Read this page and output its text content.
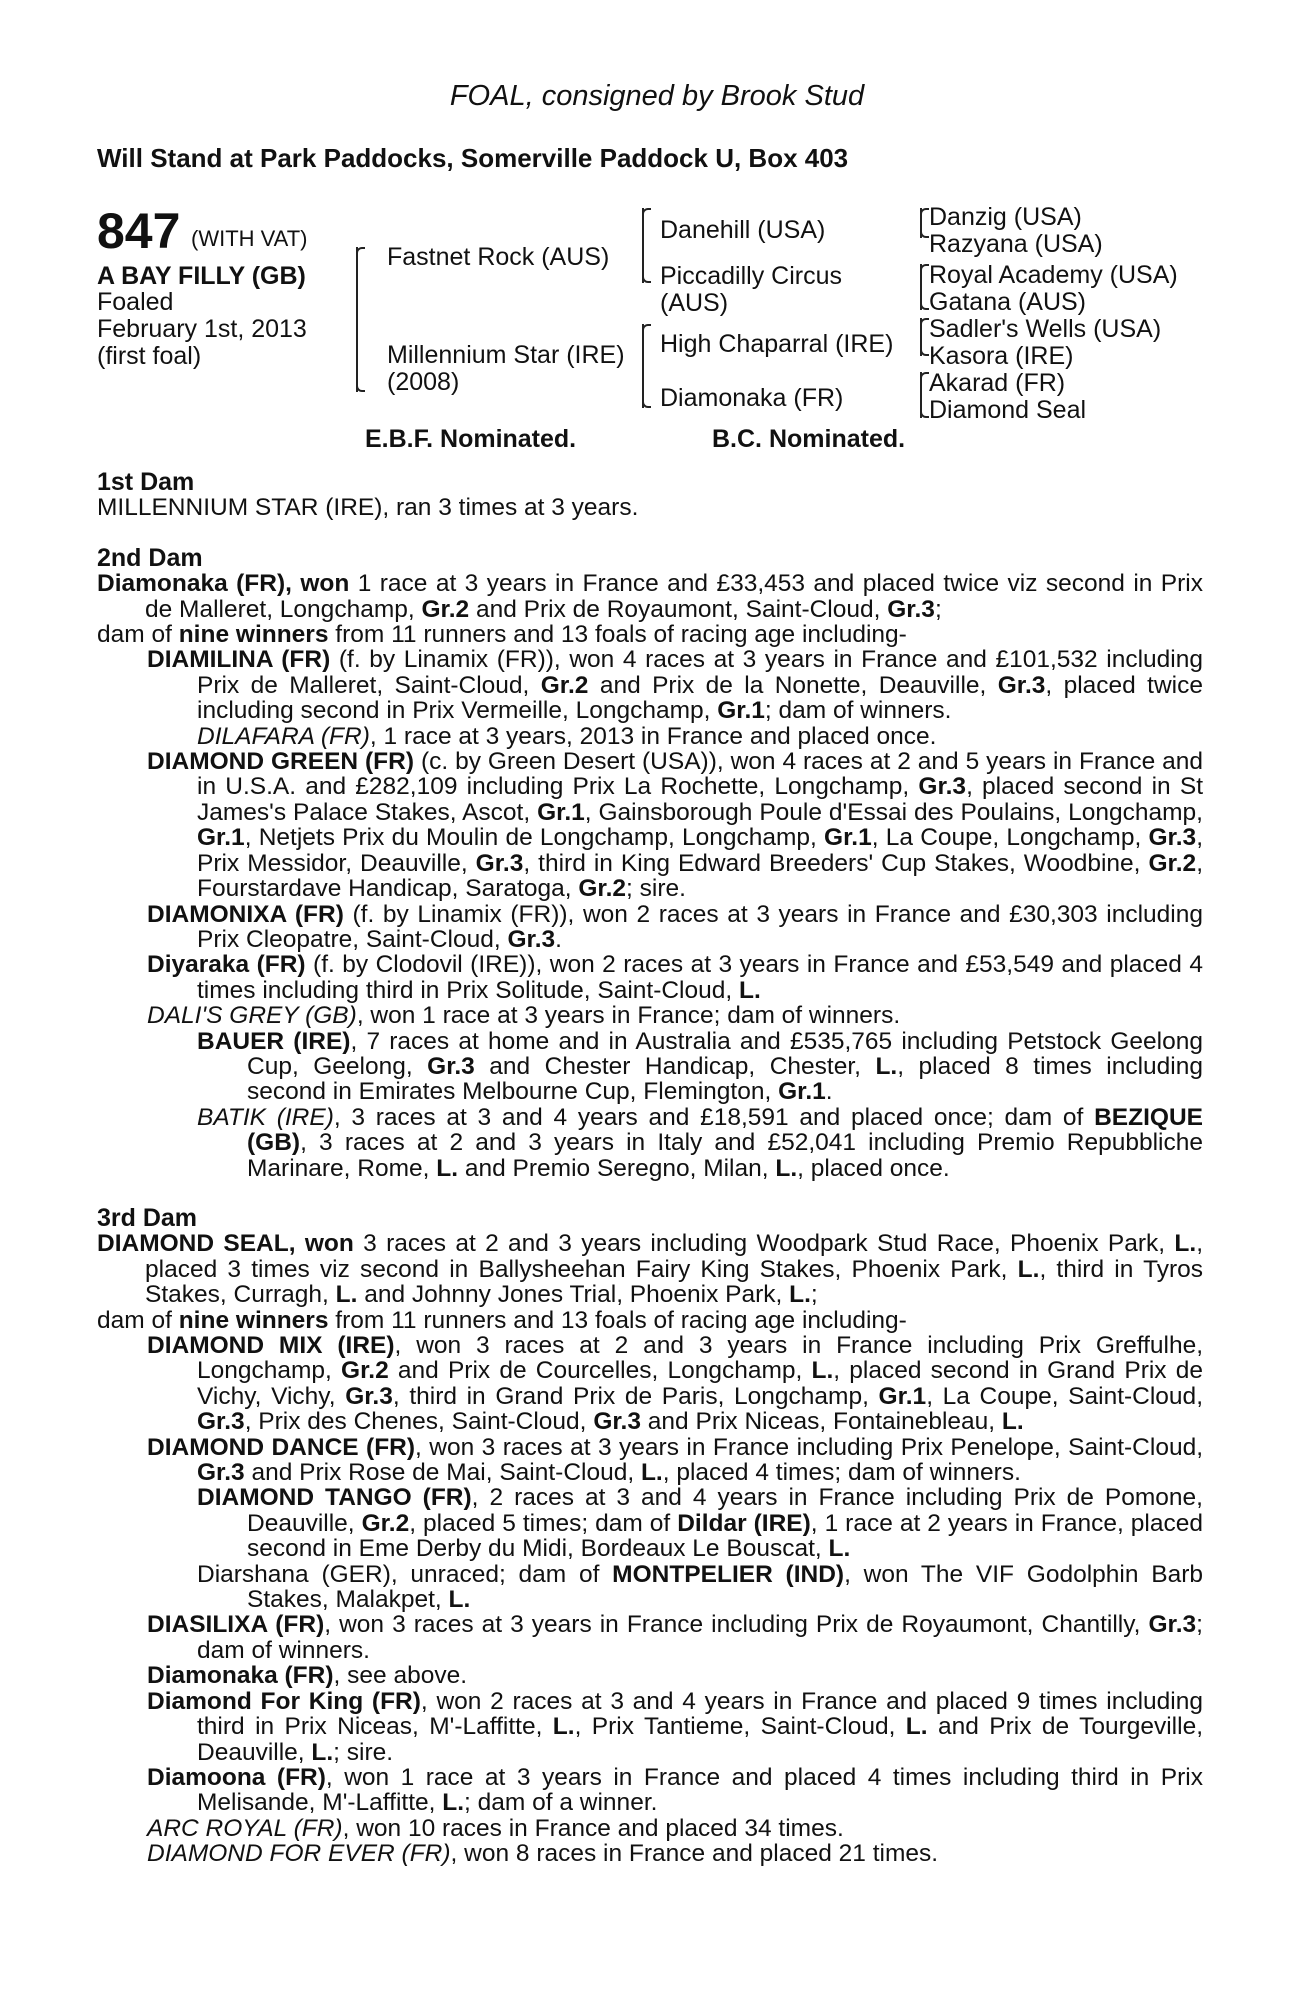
FOAL, consigned by Brook Stud
Will Stand at Park Paddocks, Somerville Paddock U, Box 403
847 (WITH VAT)
A BAY FILLY (GB)
Foaled
February 1st, 2013
(first foal)
Fastnet Rock (AUS)
Millennium Star (IRE)
(2008)
Danehill (USA)
Piccadilly Circus
(AUS)
High Chaparral (IRE)
Diamonaka (FR)
Danzig (USA)
Razyana (USA)
Royal Academy (USA)
Gatana (AUS)
Sadler's Wells (USA)
Kasora (IRE)
Akarad (FR)
Diamond Seal
E.B.F. Nominated.	B.C. Nominated.
1st Dam

MILLENNIUM STAR (IRE), ran 3 times at 3 years.

2nd Dam

Diamonaka (FR), won 1 race at 3 years in France and £33,453 and placed twice viz second in Prix de Malleret, Longchamp, Gr.2 and Prix de Royaumont, Saint-Cloud, Gr.3;

dam of nine winners from 11 runners and 13 foals of racing age including-

DIAMILINA (FR) (f. by Linamix (FR)), won 4 races at 3 years in France and £101,532 including Prix de Malleret, Saint-Cloud, Gr.2 and Prix de la Nonette, Deauville, Gr.3, placed twice including second in Prix Vermeille, Longchamp, Gr.1; dam of winners.

DILAFARA (FR), 1 race at 3 years, 2013 in France and placed once.

DIAMOND GREEN (FR) (c. by Green Desert (USA)), won 4 races at 2 and 5 years in France and in U.S.A. and £282,109 including Prix La Rochette, Longchamp, Gr.3, placed second in St James's Palace Stakes, Ascot, Gr.1, Gainsborough Poule d'Essai des Poulains, Longchamp, Gr.1, Netjets Prix du Moulin de Longchamp, Longchamp, Gr.1, La Coupe, Longchamp, Gr.3, Prix Messidor, Deauville, Gr.3, third in King Edward Breeders' Cup Stakes, Woodbine, Gr.2, Fourstardave Handicap, Saratoga, Gr.2; sire.

DIAMONIXA (FR) (f. by Linamix (FR)), won 2 races at 3 years in France and £30,303 including Prix Cleopatre, Saint-Cloud, Gr.3.

Diyaraka (FR) (f. by Clodovil (IRE)), won 2 races at 3 years in France and £53,549 and placed 4 times including third in Prix Solitude, Saint-Cloud, L.

DALI'S GREY (GB), won 1 race at 3 years in France; dam of winners.

BAUER (IRE), 7 races at home and in Australia and £535,765 including Petstock Geelong Cup, Geelong, Gr.3 and Chester Handicap, Chester, L., placed 8 times including second in Emirates Melbourne Cup, Flemington, Gr.1.

BATIK (IRE), 3 races at 3 and 4 years and £18,591 and placed once; dam of BEZIQUE (GB), 3 races at 2 and 3 years in Italy and £52,041 including Premio Repubbliche Marinare, Rome, L. and Premio Seregno, Milan, L., placed once.

3rd Dam

DIAMOND SEAL, won 3 races at 2 and 3 years including Woodpark Stud Race, Phoenix Park, L., placed 3 times viz second in Ballysheehan Fairy King Stakes, Phoenix Park, L., third in Tyros Stakes, Curragh, L. and Johnny Jones Trial, Phoenix Park, L.;

dam of nine winners from 11 runners and 13 foals of racing age including-

DIAMOND MIX (IRE), won 3 races at 2 and 3 years in France including Prix Greffulhe, Longchamp, Gr.2 and Prix de Courcelles, Longchamp, L., placed second in Grand Prix de Vichy, Vichy, Gr.3, third in Grand Prix de Paris, Longchamp, Gr.1, La Coupe, Saint-Cloud, Gr.3, Prix des Chenes, Saint-Cloud, Gr.3 and Prix Niceas, Fontainebleau, L.

DIAMOND DANCE (FR), won 3 races at 3 years in France including Prix Penelope, Saint-Cloud, Gr.3 and Prix Rose de Mai, Saint-Cloud, L., placed 4 times; dam of winners.

DIAMOND TANGO (FR), 2 races at 3 and 4 years in France including Prix de Pomone, Deauville, Gr.2, placed 5 times; dam of Dildar (IRE), 1 race at 2 years in France, placed second in Eme Derby du Midi, Bordeaux Le Bouscat, L.

Diarshana (GER), unraced; dam of MONTPELIER (IND), won The VIF Godolphin Barb Stakes, Malakpet, L.

DIASILIXA (FR), won 3 races at 3 years in France including Prix de Royaumont, Chantilly, Gr.3; dam of winners.

Diamonaka (FR), see above.

Diamond For King (FR), won 2 races at 3 and 4 years in France and placed 9 times including third in Prix Niceas, M'-Laffitte, L., Prix Tantieme, Saint-Cloud, L. and Prix de Tourgeville, Deauville, L.; sire.

Diamoona (FR), won 1 race at 3 years in France and placed 4 times including third in Prix Melisande, M'-Laffitte, L.; dam of a winner.

ARC ROYAL (FR), won 10 races in France and placed 34 times.

DIAMOND FOR EVER (FR), won 8 races in France and placed 21 times.
